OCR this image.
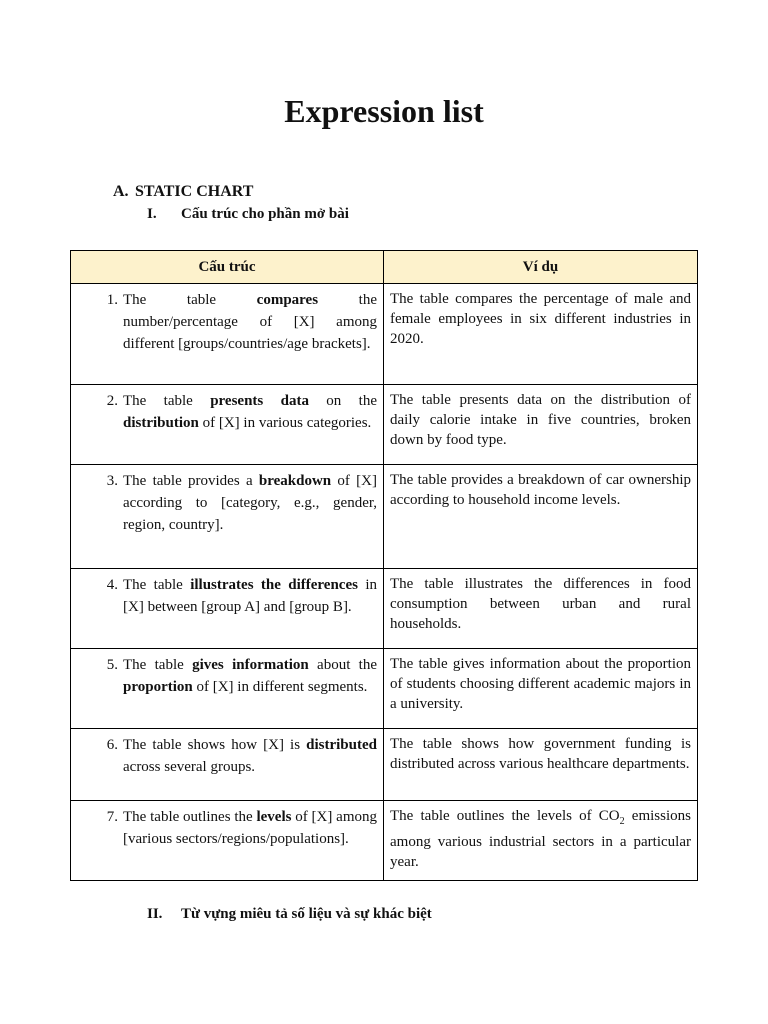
Expression list
A. STATIC CHART
I. Cấu trúc cho phần mở bài
Cấu trúc	Ví dụ

1. The table compares the number/percentage of [X] among different [groups/countries/age brackets].	The table compares the percentage of male and female employees in six different industries in 2020.

2. The table presents data on the distribution of [X] in various categories.	The table presents data on the distribution of daily calorie intake in five countries, broken down by food type.

3. The table provides a breakdown of [X] according to [category, e.g., gender, region, country].	The table provides a breakdown of car ownership according to household income levels.

4. The table illustrates the differences in [X] between [group A] and [group B].	The table illustrates the differences in food consumption between urban and rural households.

5. The table gives information about the proportion of [X] in different segments.	The table gives information about the proportion of students choosing different academic majors in a university.

6. The table shows how [X] is distributed across several groups.	The table shows how government funding is distributed across various healthcare departments.

7. The table outlines the levels of [X] among [various sectors/regions/populations].	The table outlines the levels of $CO_2$ emissions among various industrial sectors in a particular year.
II. Từ vựng miêu tả số liệu và sự khác biệt
